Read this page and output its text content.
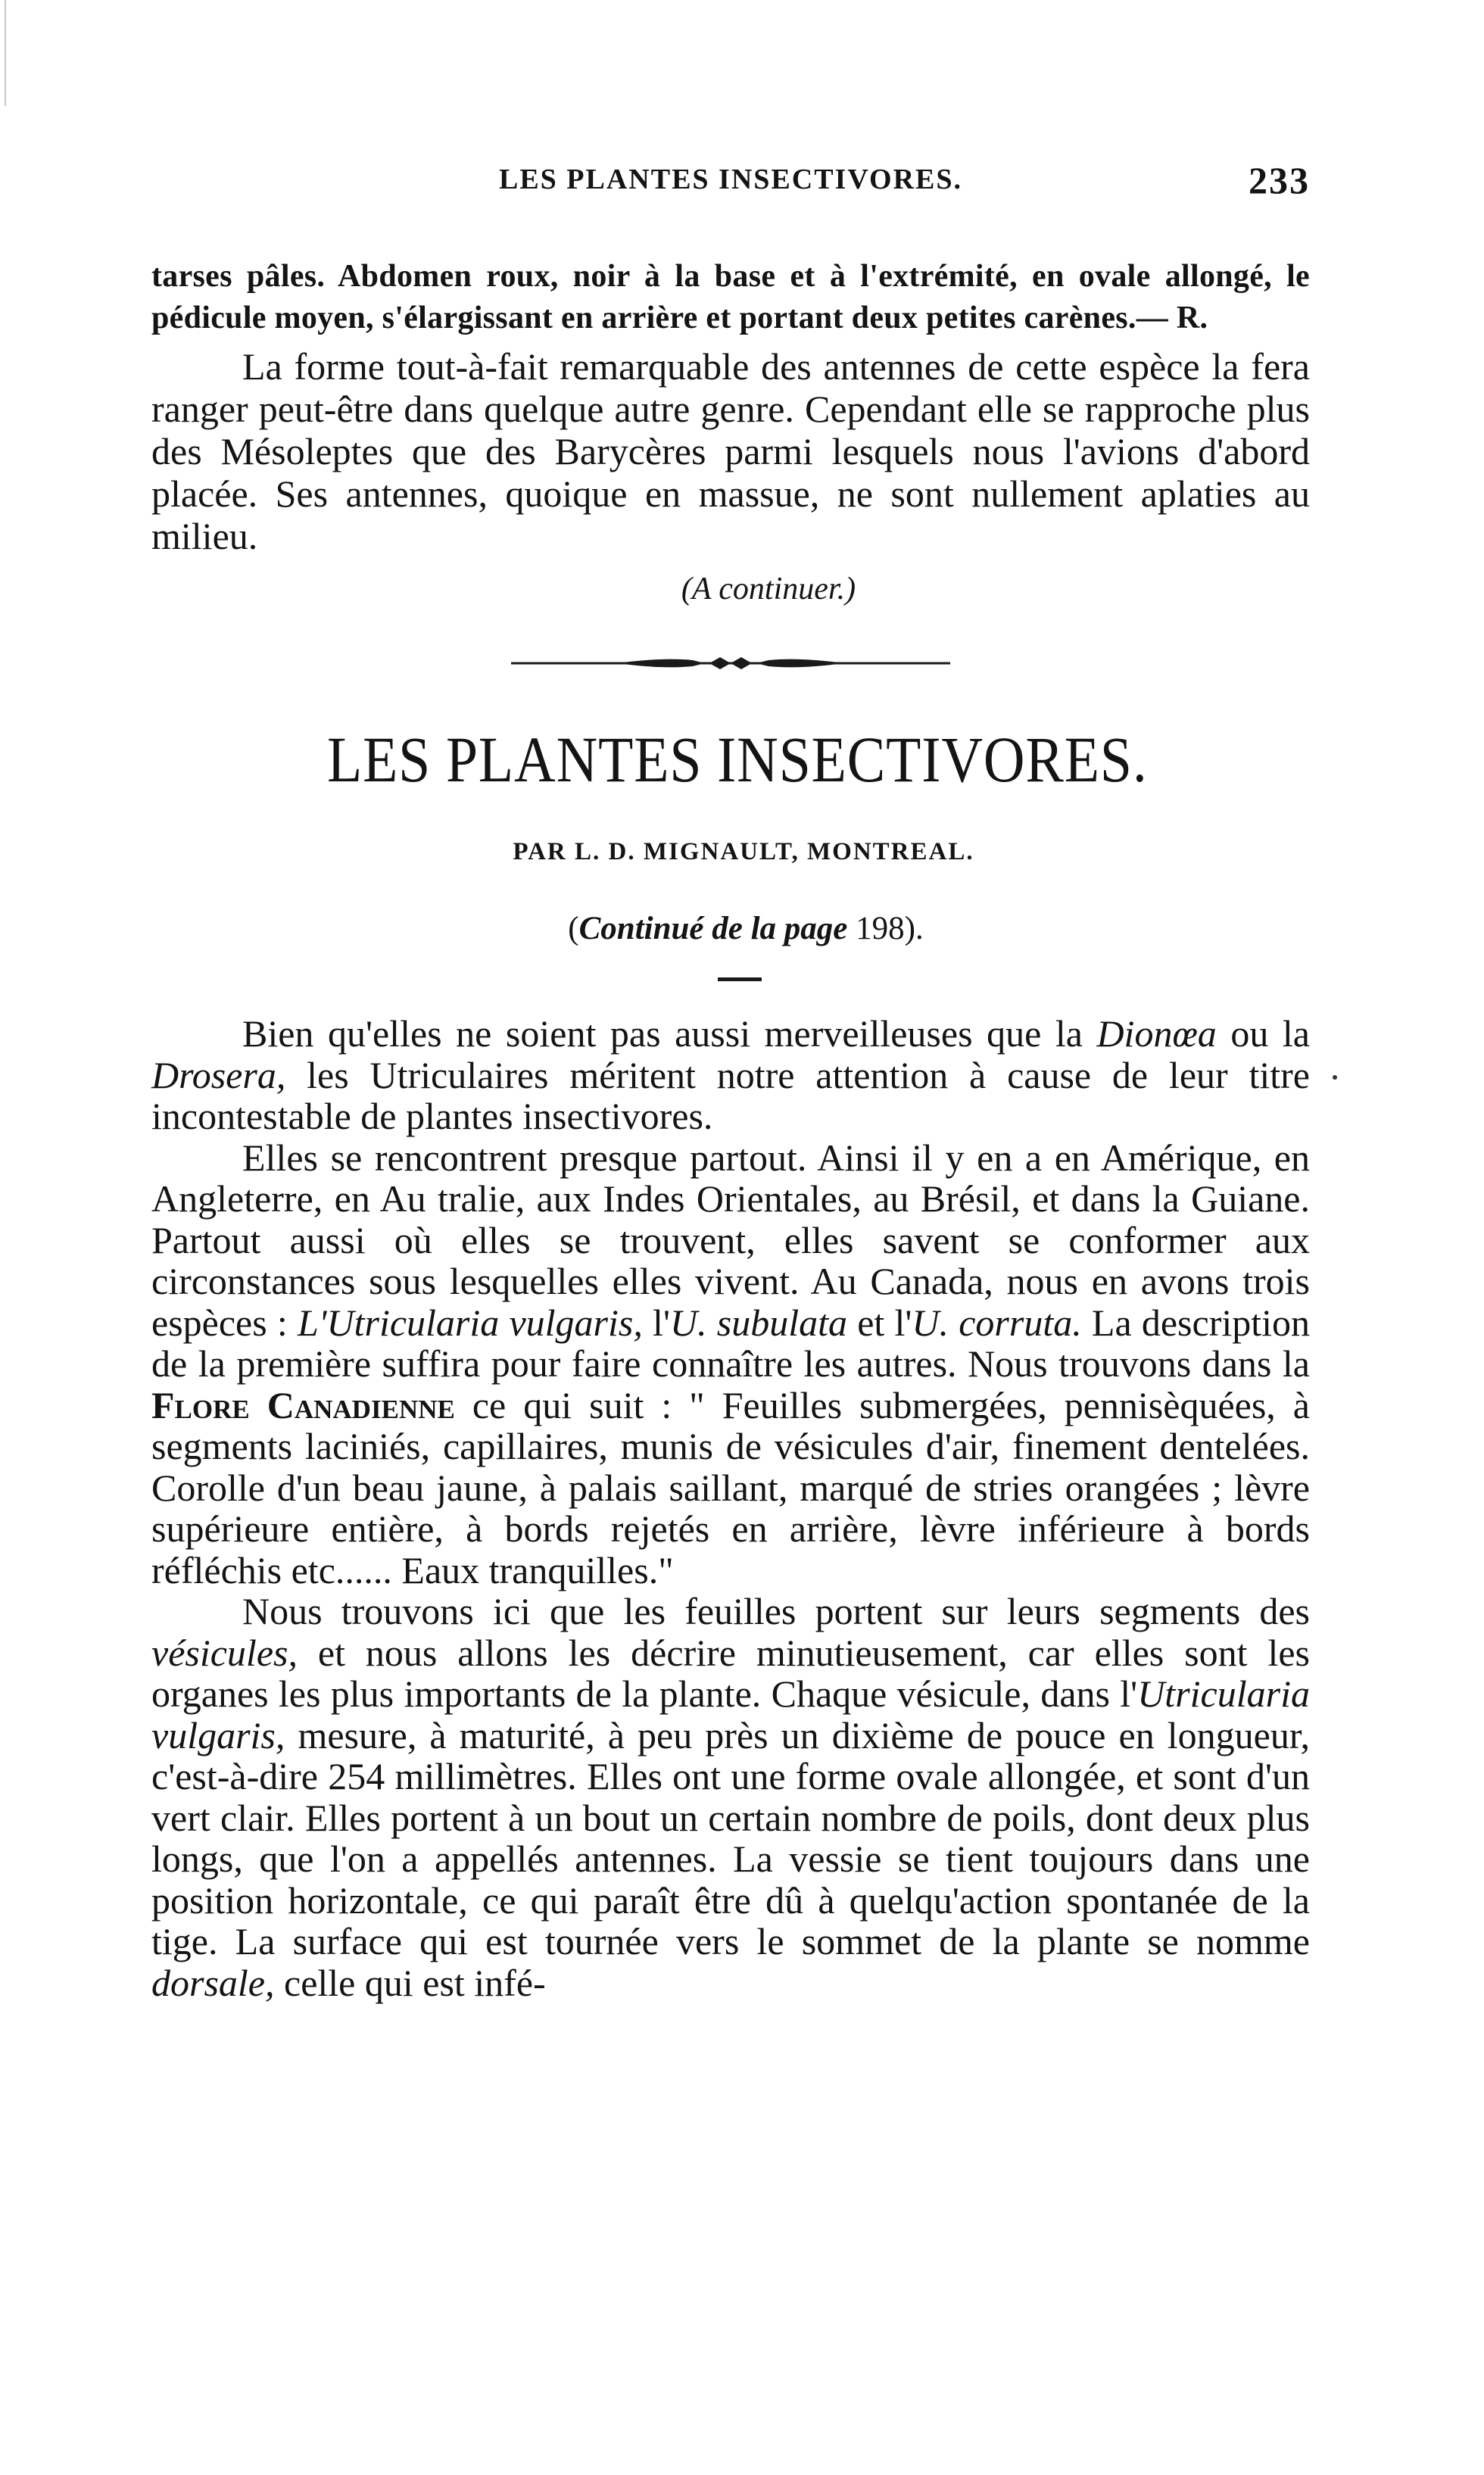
LES PLANTES INSECTIVORES.	233

tarses pâles. Abdomen roux, noir à la base et à l'extrémité, en ovale allongé, le pédicule moyen, s'élargissant en arrière et portant deux petites carènes.— R.

La forme tout-à-fait remarquable des antennes de cette espèce la fera ranger peut-être dans quelque autre genre. Cependant elle se rapproche plus des Mésoleptes que des Barycères parmi lesquels nous l'avions d'abord placée. Ses antennes, quoique en massue, ne sont nullement aplaties au milieu.

(A continuer.)
LES PLANTES INSECTIVORES.
PAR L. D. MIGNAULT, MONTREAL.
(Continué de la page 198).

Bien qu'elles ne soient pas aussi merveilleuses que la Dionœa ou la Drosera, les Utriculaires méritent notre attention à cause de leur titre incontestable de plantes insectivores.

Elles se rencontrent presque partout. Ainsi il y en a en Amérique, en Angleterre, en Au tralie, aux Indes Orientales, au Brésil, et dans la Guiane. Partout aussi où elles se trouvent, elles savent se conformer aux circonstances sous lesquelles elles vivent. Au Canada, nous en avons trois espèces : L'Utricularia vulgaris, l'U. subulata et l'U. corruta. La description de la première suffira pour faire connaître les autres. Nous trouvons dans la Flore Canadienne ce qui suit : " Feuilles submergées, pennisèquées, à segments laciniés, capillaires, munis de vésicules d'air, finement dentelées. Corolle d'un beau jaune, à palais saillant, marqué de stries orangées ; lèvre supérieure entière, à bords rejetés en arrière, lèvre inférieure à bords réfléchis etc...... Eaux tranquilles."

Nous trouvons ici que les feuilles portent sur leurs segments des vésicules, et nous allons les décrire minutieusement, car elles sont les organes les plus importants de la plante. Chaque vésicule, dans l'Utricularia vulgaris, mesure, à maturité, à peu près un dixième de pouce en longueur, c'est-à-dire 254 millimètres. Elles ont une forme ovale allongée, et sont d'un vert clair. Elles portent à un bout un certain nombre de poils, dont deux plus longs, que l'on a appellés antennes. La vessie se tient toujours dans une position horizontale, ce qui paraît être dû à quelqu'action spontanée de la tige. La surface qui est tournée vers le sommet de la plante se nomme dorsale, celle qui est infé-
